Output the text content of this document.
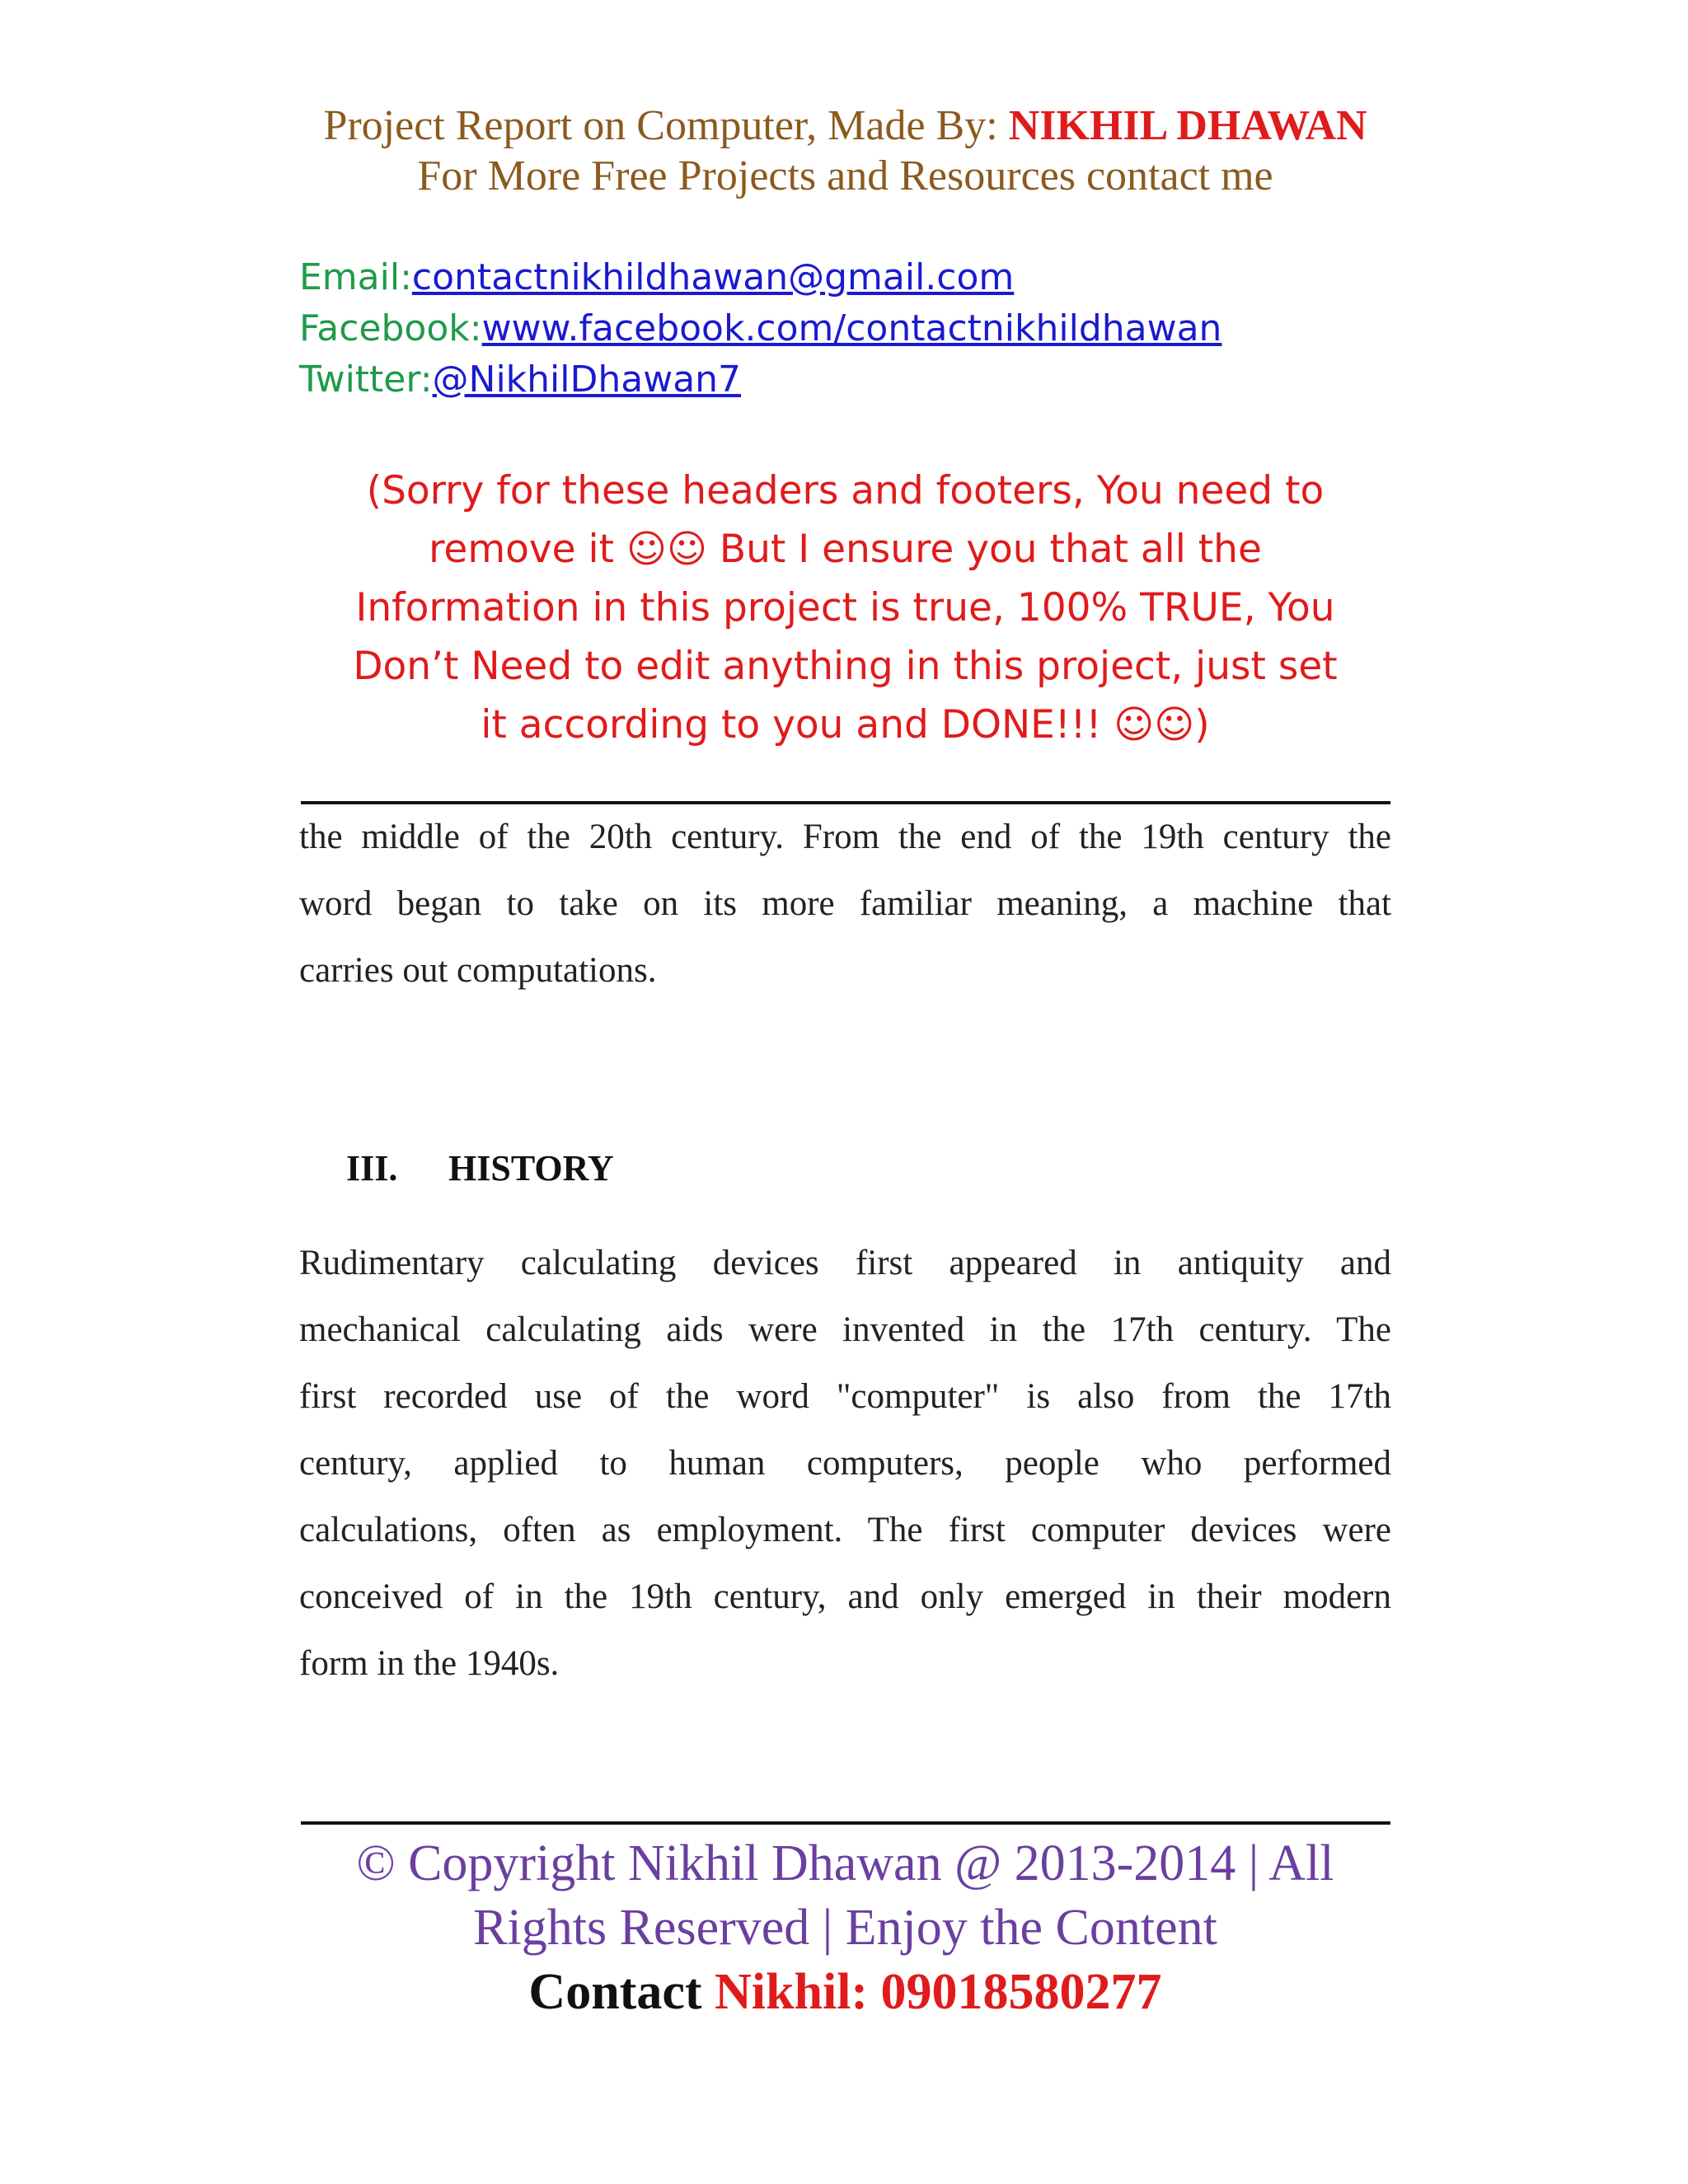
Project Report on Computer, Made By: NIKHIL DHAWAN
For More Free Projects and Resources contact me
Email:contactnikhildhawan@gmail.com
Facebook:www.facebook.com/contactnikhildhawan
Twitter:@NikhilDhawan7
(Sorry for these headers and footers, You need to
remove it ☺☺ But I ensure you that all the
Information in this project is true, 100% TRUE, You
Don’t Need to edit anything in this project, just set
it according to you and DONE!!! ☺☺)
the middle of the 20th century. From the end of the 19th century the
word began to take on its more familiar meaning, a machine that
carries out computations.
III. HISTORY
Rudimentary calculating devices first appeared in antiquity and
mechanical calculating aids were invented in the 17th century. The
first recorded use of the word "computer" is also from the 17th
century, applied to human computers, people who performed
calculations, often as employment. The first computer devices were
conceived of in the 19th century, and only emerged in their modern
form in the 1940s.
© Copyright Nikhil Dhawan @ 2013-2014 | All
Rights Reserved | Enjoy the Content
Contact Nikhil: 09018580277
